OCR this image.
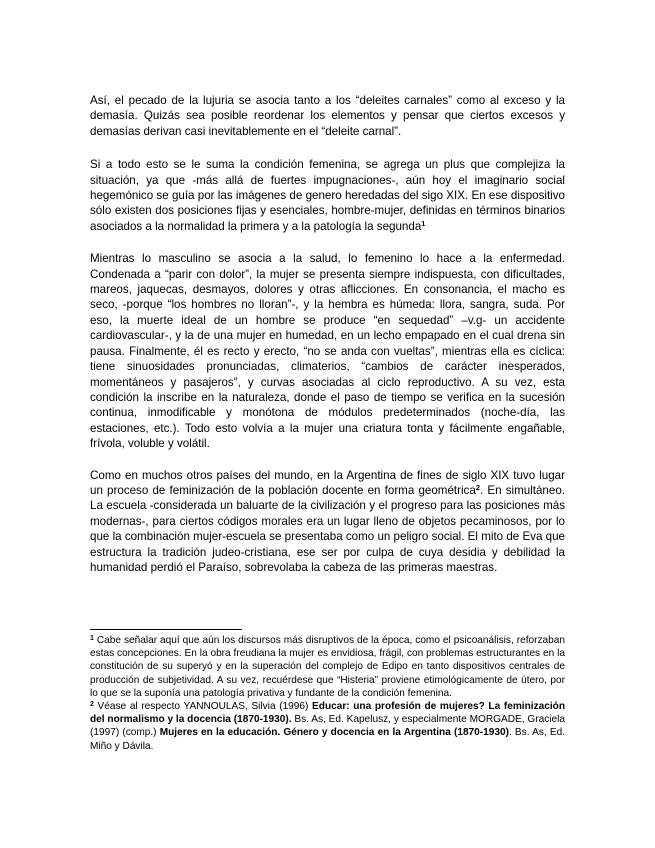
Así, el pecado de la lujuria se asocia tanto a los “deleites carnales” como al exceso y la demasía. Quizás sea posible reordenar los elementos y pensar que ciertos excesos y demasías derivan casi inevitablemente en el “deleite carnal”.

Si a todo esto se le suma la condición femenina, se agrega un plus que complejiza la situación, ya que -más allá de fuertes impugnaciones-, aún hoy el imaginario social hegemónico se guía por las imágenes de genero heredadas del sigo XIX. En ese dispositivo sólo existen dos posiciones fijas y esenciales, hombre-mujer, definidas en términos binarios asociados a la normalidad la primera y a la patología la segunda$^1$

Mientras lo masculino se asocia a la salud, lo femenino lo hace a la enfermedad. Condenada a “parir con dolor”, la mujer se presenta siempre indispuesta, con dificultades, mareos, jaquecas, desmayos, dolores y otras aflicciones. En consonancia, el macho es seco, -porque “los hombres no lloran”-, y la hembra es húmeda: llora, sangra, suda. Por eso, la muerte ideal de un hombre se produce “en sequedad” –v.g- un accidente cardiovascular-, y la de una mujer en humedad, en un lecho empapado en el cual drena sin pausa. Finalmente, él es recto y erecto, “no se anda con vueltas”, mientras ella es cíclica: tiene sinuosidades pronunciadas, climaterios, “cambios de carácter inesperados, momentáneos y pasajeros”, y curvas asociadas al ciclo reproductivo. A su vez, esta condición la inscribe en la naturaleza, donde el paso de tiempo se verifica en la sucesión continua, inmodificable y monótona de módulos predeterminados (noche-día, las estaciones, etc.). Todo esto volvía a la mujer una criatura tonta y fácilmente engañable, frívola, voluble y volátil.

Como en muchos otros países del mundo, en la Argentina de fines de siglo XIX tuvo lugar un proceso de feminización de la población docente en forma geométrica$^2$. En simultáneo. La escuela -considerada un baluarte de la civilización y el progreso para las posiciones más modernas-, para ciertos códigos morales era un lugar lleno de objetos pecaminosos, por lo que la combinación mujer-escuela se presentaba como un peligro social. El mito de Eva que estructura la tradición judeo-cristiana, ese ser por culpa de cuya desidia y debilidad la humanidad perdió el Paraíso, sobrevolaba la cabeza de las primeras maestras.

$^1$ Cabe señalar aquí que aún los discursos más disruptivos de la época, como el psicoanálisis, reforzaban estas concepciones. En la obra freudiana la mujer es envidiosa, frágil, con problemas estructurantes en la constitución de su superyó y en la superación del complejo de Edipo en tanto dispositivos centrales de producción de subjetividad. A su vez, recuérdese que “Histeria” proviene etimológicamente de útero, por lo que se la suponía una patología privativa y fundante de la condición femenina.

$^2$ Véase al respecto YANNOULAS, Silvia (1996) Educar: una profesión de mujeres? La feminización del normalismo y la docencia (1870-1930). Bs. As, Ed. Kapelusz, y especialmente MORGADE, Graciela (1997) (comp.) Mujeres en la educación. Género y docencia en la Argentina (1870-1930). Bs. As, Ed. Miño y Dávila.
